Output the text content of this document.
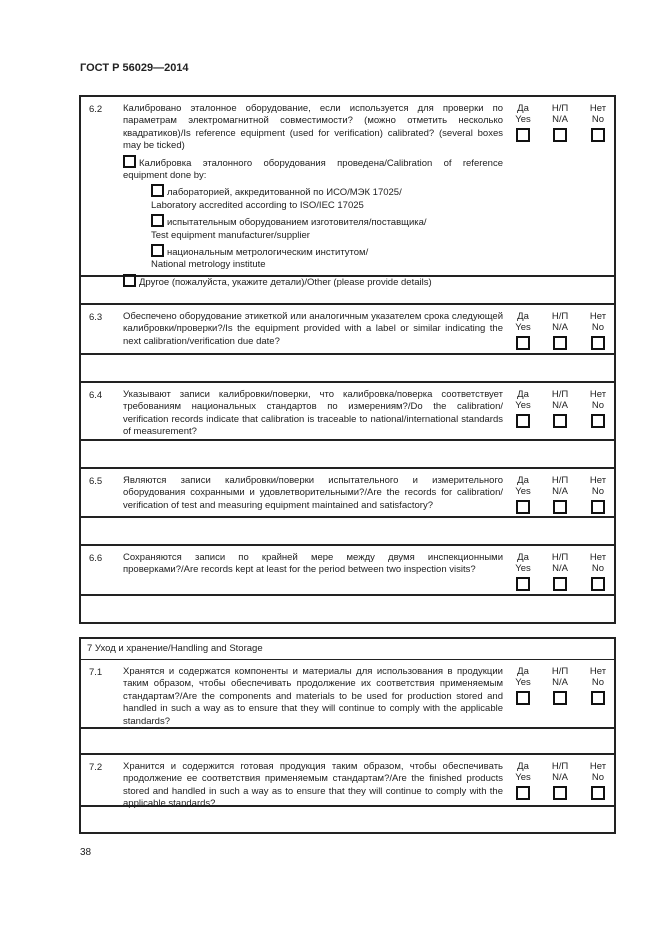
ГОСТ Р 56029—2014
6.2 Калибровано эталонное оборудование, если используется для проверки по параметрам электромагнитной совместимости? (можно отметить несколько квадратиков)/Is reference equipment (used for verification) calibrated? (several boxes may be ticked)
Калибровка эталонного оборудования проведена/Calibration of reference equipment done by:
лабораторией, аккредитованной по ИСО/МЭК 17025/
Laboratory accredited according to ISO/IEC 17025
испытательным оборудованием изготовителя/поставщика/
Test equipment manufacturer/supplier
национальным метрологическим институтом/
National metrology institute
Другое (пожалуйста, укажите детали)/Other (please provide details)
Да
Yes

Н/П
N/A

Нет
No

6.3 Обеспечено оборудование этикеткой или аналогичным указателем срока следующей калибровки/проверки?/Is the equipment provided with a label or similar indicating the next calibration/verification due date?
Да
Yes

Н/П
N/A

Нет
No

6.4 Указывают записи калибровки/поверки, что калибровка/поверка соответствует требованиям национальных стандартов по измерениям?/Do the calibration/ verification records indicate that calibration is traceable to national/international standards of measurement?
Да
Yes

Н/П
N/A

Нет
No

6.5 Являются записи калибровки/поверки испытательного и измерительного оборудования сохранными и удовлетворительными?/Are the records for calibration/ verification of test and measuring equipment maintained and satisfactory?
Да
Yes

Н/П
N/A

Нет
No

6.6 Сохраняются записи по крайней мере между двумя инспекционными проверками?/Are records kept at least for the period between two inspection visits?
Да
Yes

Н/П
N/A

Нет
No

7 Уход и хранение/Handling and Storage
7.1 Хранятся и содержатся компоненты и материалы для использования в продукции таким образом, чтобы обеспечивать продолжение их соответствия применяемым стандартам?/Are the components and materials to be used for production stored and handled in such a way as to ensure that they will continue to comply with the applicable standards?
Да
Yes

Н/П
N/A

Нет
No

7.2 Хранится и содержится готовая продукция таким образом, чтобы обеспечивать продолжение ее соответствия применяемым стандартам?/Are the finished products stored and handled in such a way as to ensure that they will continue to comply with the applicable standards?
Да
Yes

Н/П
N/A

Нет
No

38
